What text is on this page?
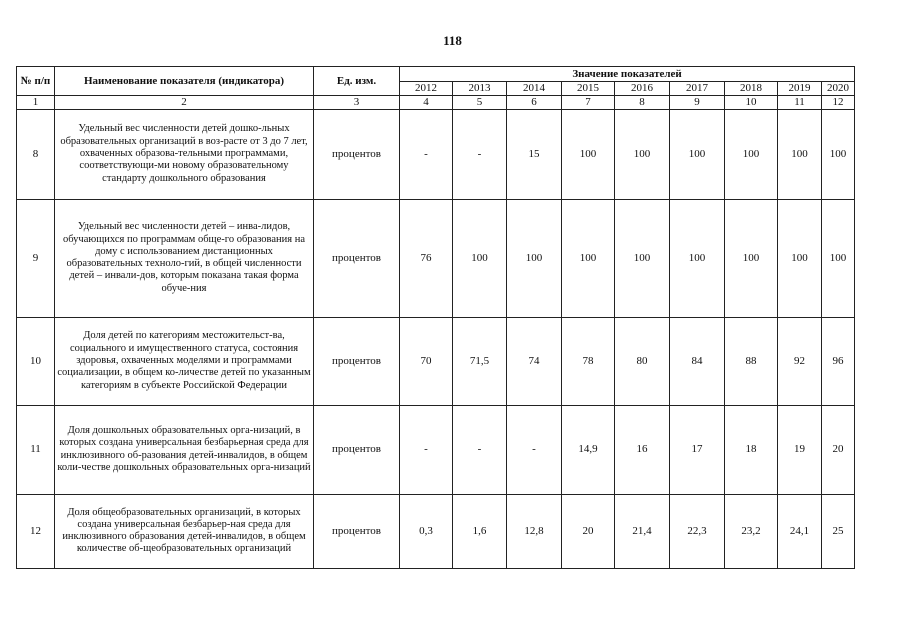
118
№ п/п	Наименование показателя (индикатора)	Ед. изм.	Значение показателей								
			2012	2013	2014	2015	2016	2017	2018	2019	2020
1	2	3	4	5	6	7	8	9	10	11	12
8	Удельный вес численности детей дошко-льных образовательных организаций в воз-расте от 3 до 7 лет, охваченных образова-тельными программами, соответствующи-ми новому образовательному стандарту дошкольного образования	процентов	-	-	15	100	100	100	100	100	100
9	Удельный вес численности детей – инва-лидов, обучающихся по программам обще-го образования на дому с использованием дистанционных образовательных техноло-гий, в общей численности детей – инвали-дов, которым показана такая форма обуче-ния	процентов	76	100	100	100	100	100	100	100	100
10	Доля детей по категориям местожительст-ва, социального и имущественного статуса, состояния здоровья, охваченных моделями и программами социализации, в общем ко-личестве детей по указанным категориям в субъекте Российской Федерации	процентов	70	71,5	74	78	80	84	88	92	96
11	Доля дошкольных образовательных орга-низаций, в которых создана универсальная безбарьерная среда для инклюзивного об-разования детей-инвалидов, в общем коли-честве дошкольных образовательных орга-низаций	процентов	-	-	-	14,9	16	17	18	19	20
12	Доля общеобразовательных организаций, в которых создана универсальная безбарьер-ная среда для инклюзивного образования детей-инвалидов, в общем количестве об-щеобразовательных организаций	процентов	0,3	1,6	12,8	20	21,4	22,3	23,2	24,1	25
